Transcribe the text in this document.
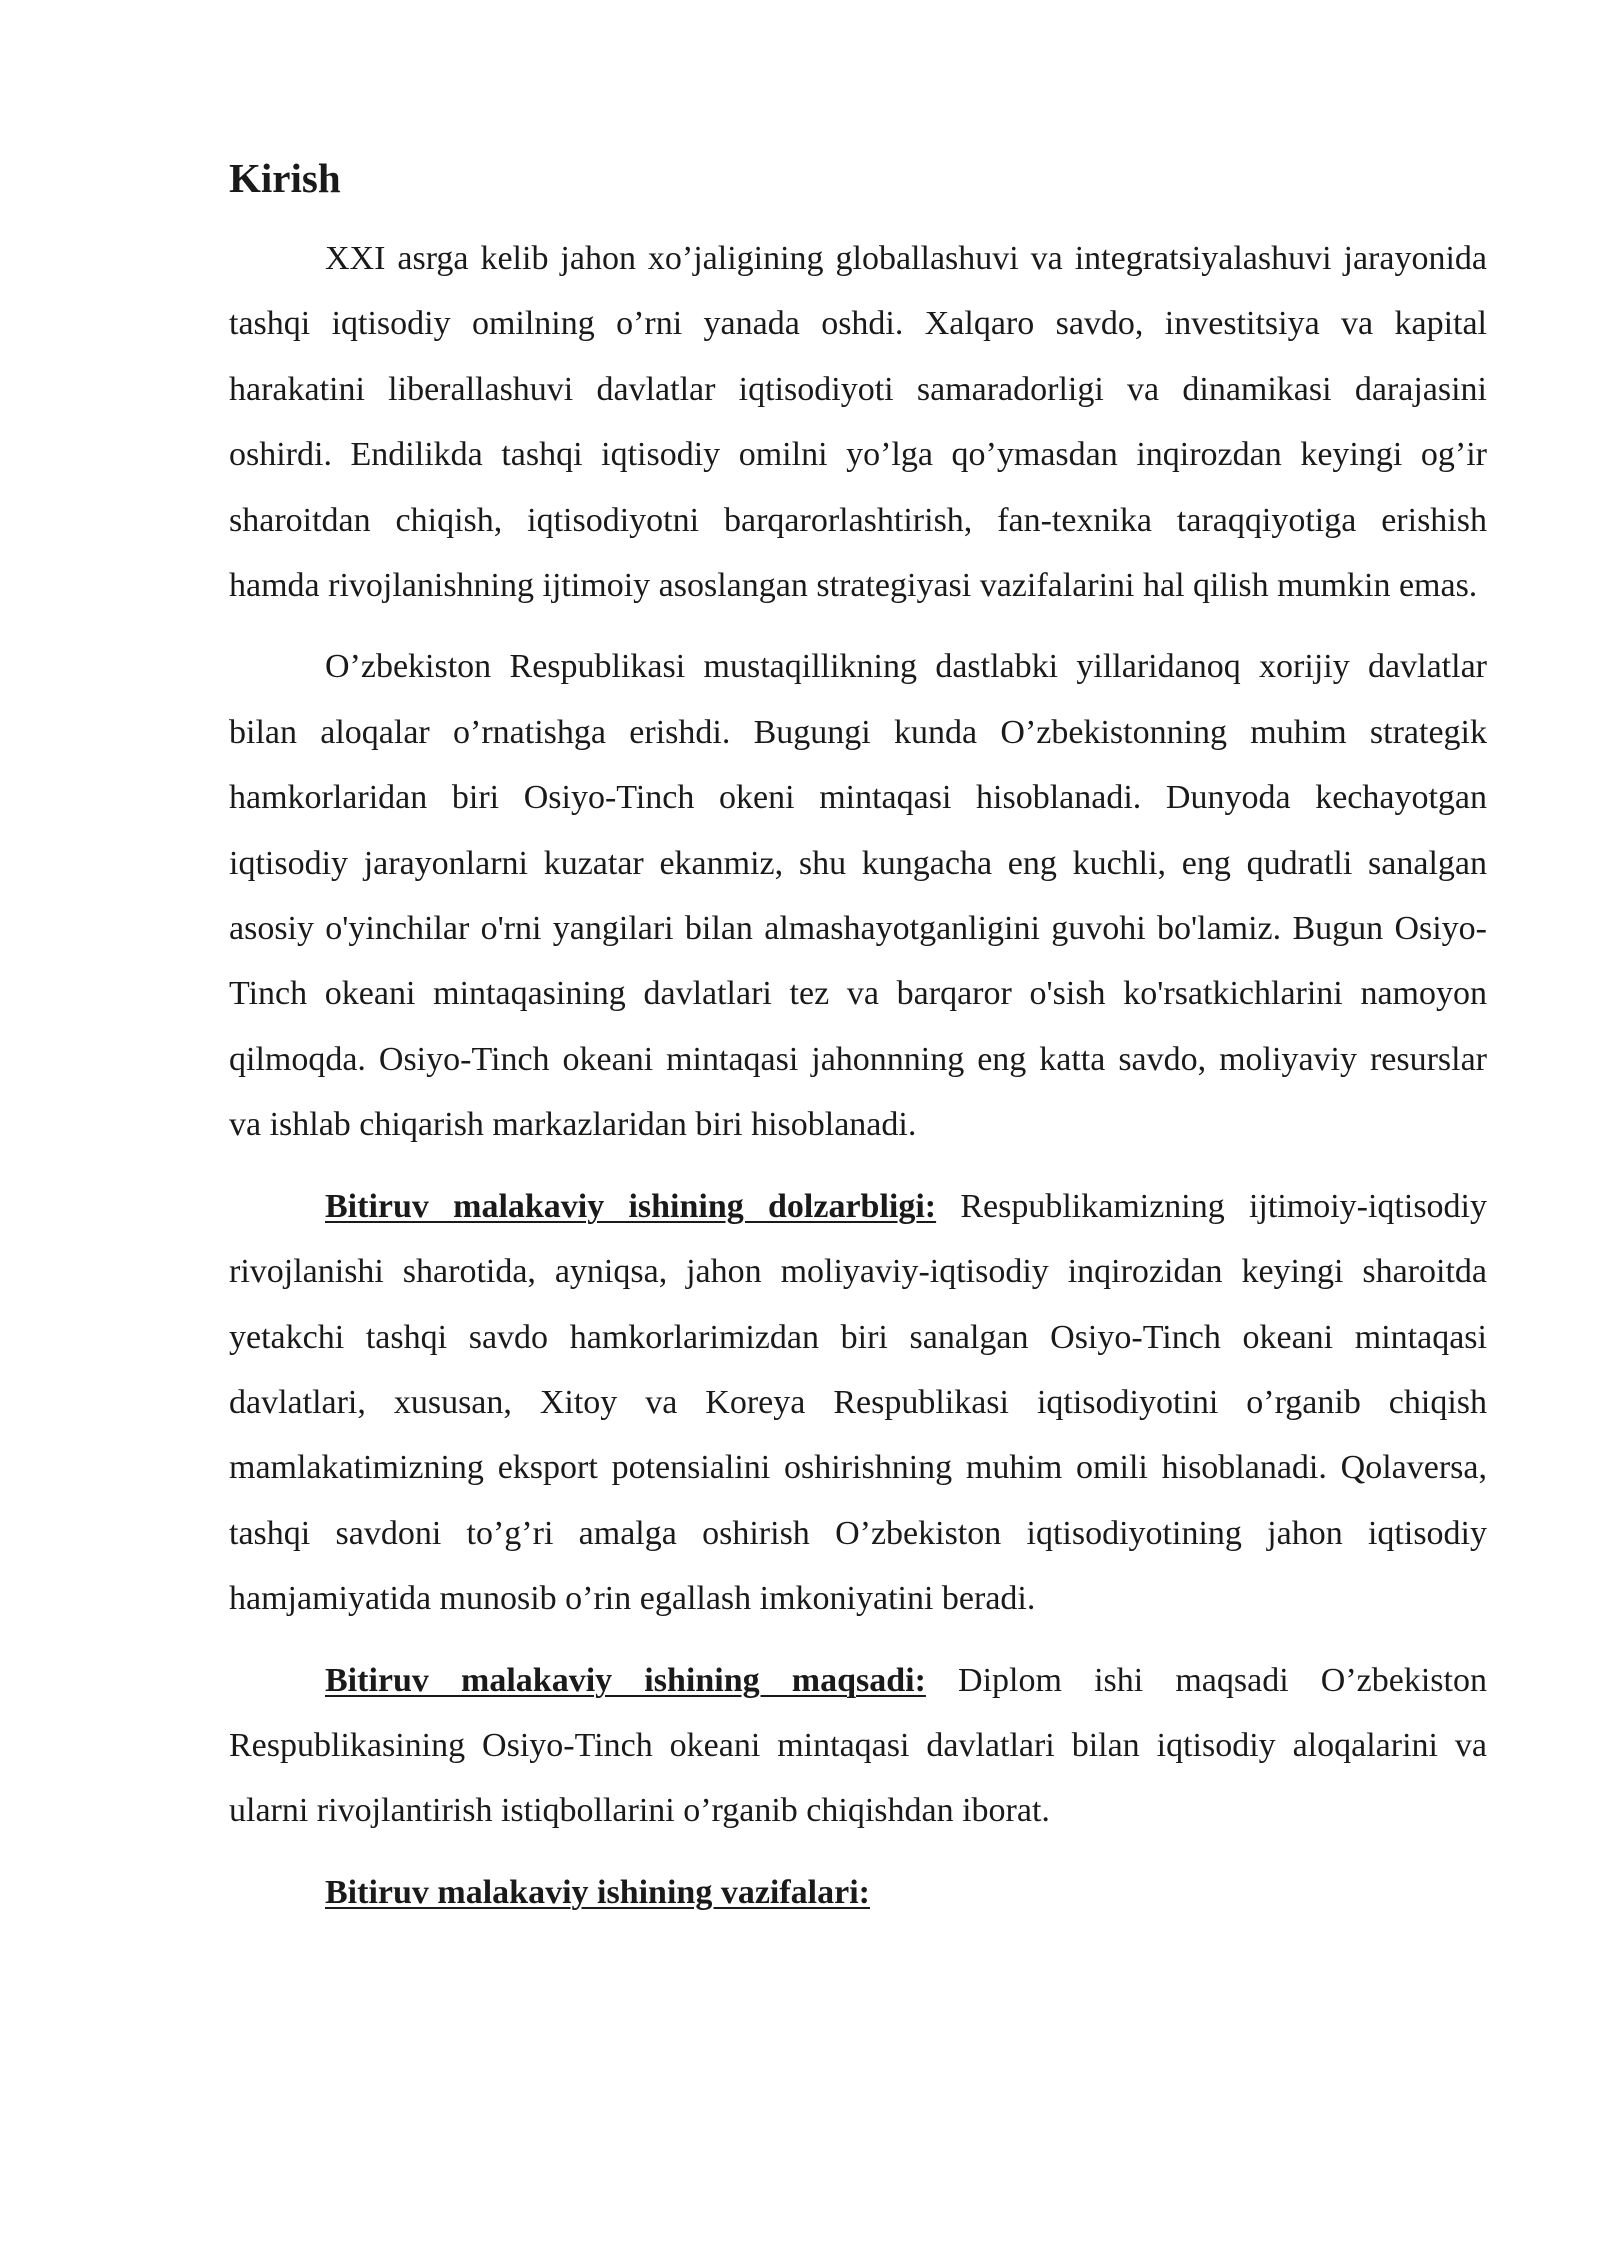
Kirish

XXI asrga kelib jahon xo’jaligining globallashuvi va integratsiyalashuvi jarayonida tashqi iqtisodiy omilning o’rni yanada oshdi. Xalqaro savdo, investitsiya va kapital harakatini liberallashuvi davlatlar iqtisodiyoti samaradorligi va dinamikasi darajasini oshirdi. Endilikda tashqi iqtisodiy omilni yo’lga qo’ymasdan inqirozdan keyingi og’ir sharoitdan chiqish, iqtisodiyotni barqarorlashtirish, fan-texnika taraqqiyotiga erishish hamda rivojlanishning ijtimoiy asoslangan strategiyasi vazifalarini hal qilish mumkin emas.

O’zbekiston Respublikasi mustaqillikning dastlabki yillaridanoq xorijiy davlatlar bilan aloqalar o’rnatishga erishdi. Bugungi kunda O’zbekistonning muhim strategik hamkorlaridan biri Osiyo-Tinch okeni mintaqasi hisoblanadi. Dunyoda kechayotgan iqtisodiy jarayonlarni kuzatar ekanmiz, shu kungacha eng kuchli, eng qudratli sanalgan asosiy o'yinchilar o'rni yangilari bilan almashayotganligini guvohi bo'lamiz. Bugun Osiyo-Tinch okeani mintaqasining davlatlari tez va barqaror o'sish ko'rsatkichlarini namoyon qilmoqda. Osiyo-Tinch okeani mintaqasi jahonnning eng katta savdo, moliyaviy resurslar va ishlab chiqarish markazlaridan biri hisoblanadi.

Bitiruv malakaviy ishining dolzarbligi: Respublikamizning ijtimoiy-iqtisodiy rivojlanishi sharotida, ayniqsa, jahon moliyaviy-iqtisodiy inqirozidan keyingi sharoitda yetakchi tashqi savdo hamkorlarimizdan biri sanalgan Osiyo-Tinch okeani mintaqasi davlatlari, xususan, Xitoy va Koreya Respublikasi iqtisodiyotini o’rganib chiqish mamlakatimizning eksport potensialini oshirishning muhim omili hisoblanadi. Qolaversa, tashqi savdoni to’g’ri amalga oshirish O’zbekiston iqtisodiyotining jahon iqtisodiy hamjamiyatida munosib o’rin egallash imkoniyatini beradi.

Bitiruv malakaviy ishining maqsadi: Diplom ishi maqsadi O’zbekiston Respublikasining Osiyo-Tinch okeani mintaqasi davlatlari bilan iqtisodiy aloqalarini va ularni rivojlantirish istiqbollarini o’rganib chiqishdan iborat.

Bitiruv malakaviy ishining vazifalari:
